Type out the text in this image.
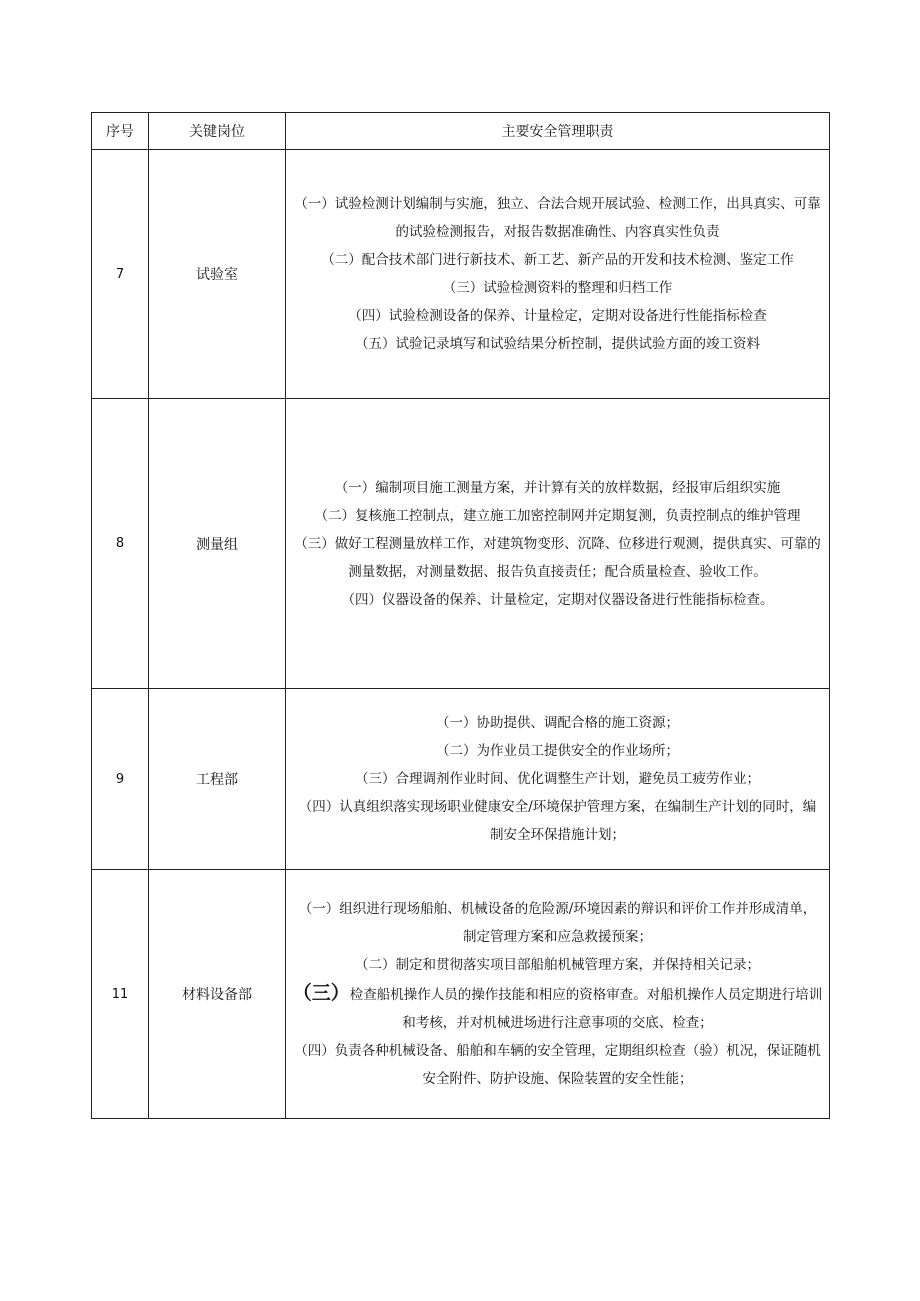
序号	关键岗位	主要安全管理职责
7	试验室	（一）试验检测计划编制与实施，独立、合法合规开展试验、检测工作，出具真实、可靠的试验检测报告，对报告数据准确性、内容真实性负责
（二）配合技术部门进行新技术、新工艺、新产品的开发和技术检测、鉴定工作
（三）试验检测资料的整理和归档工作
（四）试验检测设备的保养、计量检定，定期对设备进行性能指标检查
（五）试验记录填写和试验结果分析控制，提供试验方面的竣工资料

8	测量组	（一）编制项目施工测量方案，并计算有关的放样数据，经报审后组织实施
（二）复核施工控制点，建立施工加密控制网并定期复测，负责控制点的维护管理
（三）做好工程测量放样工作，对建筑物变形、沉降、位移进行观测，提供真实、可靠的测量数据，对测量数据、报告负直接责任；配合质量检查、验收工作。
（四）仪器设备的保养、计量检定，定期对仪器设备进行性能指标检查。

9	工程部	（一）协助提供、调配合格的施工资源；
（二）为作业员工提供安全的作业场所；
（三）合理调剂作业时间、优化调整生产计划，避免员工疲劳作业；
（四）认真组织落实现场职业健康安全/环境保护管理方案，在编制生产计划的同时，编制安全环保措施计划；

11	材料设备部	（一）组织进行现场船舶、机械设备的危险源/环境因素的辩识和评价工作并形成清单，制定管理方案和应急救援预案；
（二）制定和贯彻落实项目部船舶机械管理方案，并保持相关记录；
（三）检查船机操作人员的操作技能和相应的资格审查。对船机操作人员定期进行培训和考核，并对机械进场进行注意事项的交底、检查；
（四）负责各种机械设备、船舶和车辆的安全管理，定期组织检查（验）机况，保证随机安全附件、防护设施、保险装置的安全性能；
